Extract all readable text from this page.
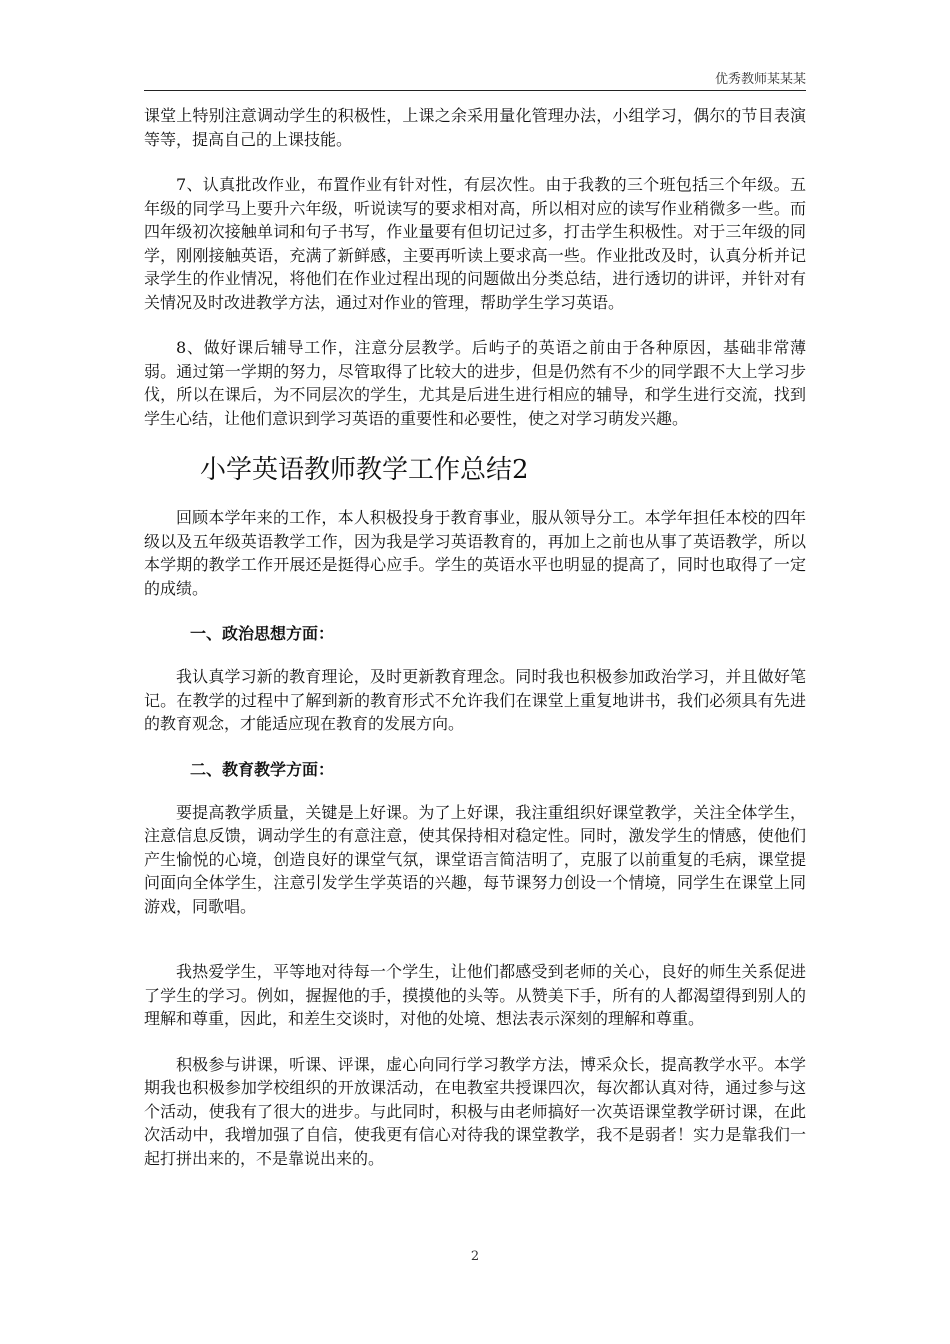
优秀教师某某某

课堂上特别注意调动学生的积极性，上课之余采用量化管理办法，小组学习，偶尔的节目表演等等，提高自己的上课技能。

7、认真批改作业，布置作业有针对性，有层次性。由于我教的三个班包括三个年级。五年级的同学马上要升六年级，听说读写的要求相对高，所以相对应的读写作业稍微多一些。而四年级初次接触单词和句子书写，作业量要有但切记过多，打击学生积极性。对于三年级的同学，刚刚接触英语，充满了新鲜感，主要再听读上要求高一些。作业批改及时，认真分析并记录学生的作业情况，将他们在作业过程出现的问题做出分类总结，进行透切的讲评，并针对有关情况及时改进教学方法，通过对作业的管理，帮助学生学习英语。

8、做好课后辅导工作，注意分层教学。后屿子的英语之前由于各种原因，基础非常薄弱。通过第一学期的努力，尽管取得了比较大的进步，但是仍然有不少的同学跟不大上学习步伐，所以在课后，为不同层次的学生，尤其是后进生进行相应的辅导，和学生进行交流，找到学生心结，让他们意识到学习英语的重要性和必要性，使之对学习萌发兴趣。

小学英语教师教学工作总结2

回顾本学年来的工作，本人积极投身于教育事业，服从领导分工。本学年担任本校的四年级以及五年级英语教学工作，因为我是学习英语教育的，再加上之前也从事了英语教学，所以本学期的教学工作开展还是挺得心应手。学生的英语水平也明显的提高了，同时也取得了一定的成绩。

一、政治思想方面：

我认真学习新的教育理论，及时更新教育理念。同时我也积极参加政治学习，并且做好笔记。在教学的过程中了解到新的教育形式不允许我们在课堂上重复地讲书，我们必须具有先进的教育观念，才能适应现在教育的发展方向。

二、教育教学方面：

要提高教学质量，关键是上好课。为了上好课，我注重组织好课堂教学，关注全体学生，注意信息反馈，调动学生的有意注意，使其保持相对稳定性。同时，激发学生的情感，使他们产生愉悦的心境，创造良好的课堂气氛，课堂语言简洁明了，克服了以前重复的毛病，课堂提问面向全体学生，注意引发学生学英语的兴趣，每节课努力创设一个情境，同学生在课堂上同游戏，同歌唱。

我热爱学生，平等地对待每一个学生，让他们都感受到老师的关心，良好的师生关系促进了学生的学习。例如，握握他的手，摸摸他的头等。从赞美下手，所有的人都渴望得到别人的理解和尊重，因此，和差生交谈时，对他的处境、想法表示深刻的理解和尊重。

积极参与讲课，听课、评课，虚心向同行学习教学方法，博采众长，提高教学水平。本学期我也积极参加学校组织的开放课活动，在电教室共授课四次，每次都认真对待，通过参与这个活动，使我有了很大的进步。与此同时，积极与由老师搞好一次英语课堂教学研讨课，在此次活动中，我增加强了自信，使我更有信心对待我的课堂教学，我不是弱者！实力是靠我们一起打拼出来的，不是靠说出来的。

2
